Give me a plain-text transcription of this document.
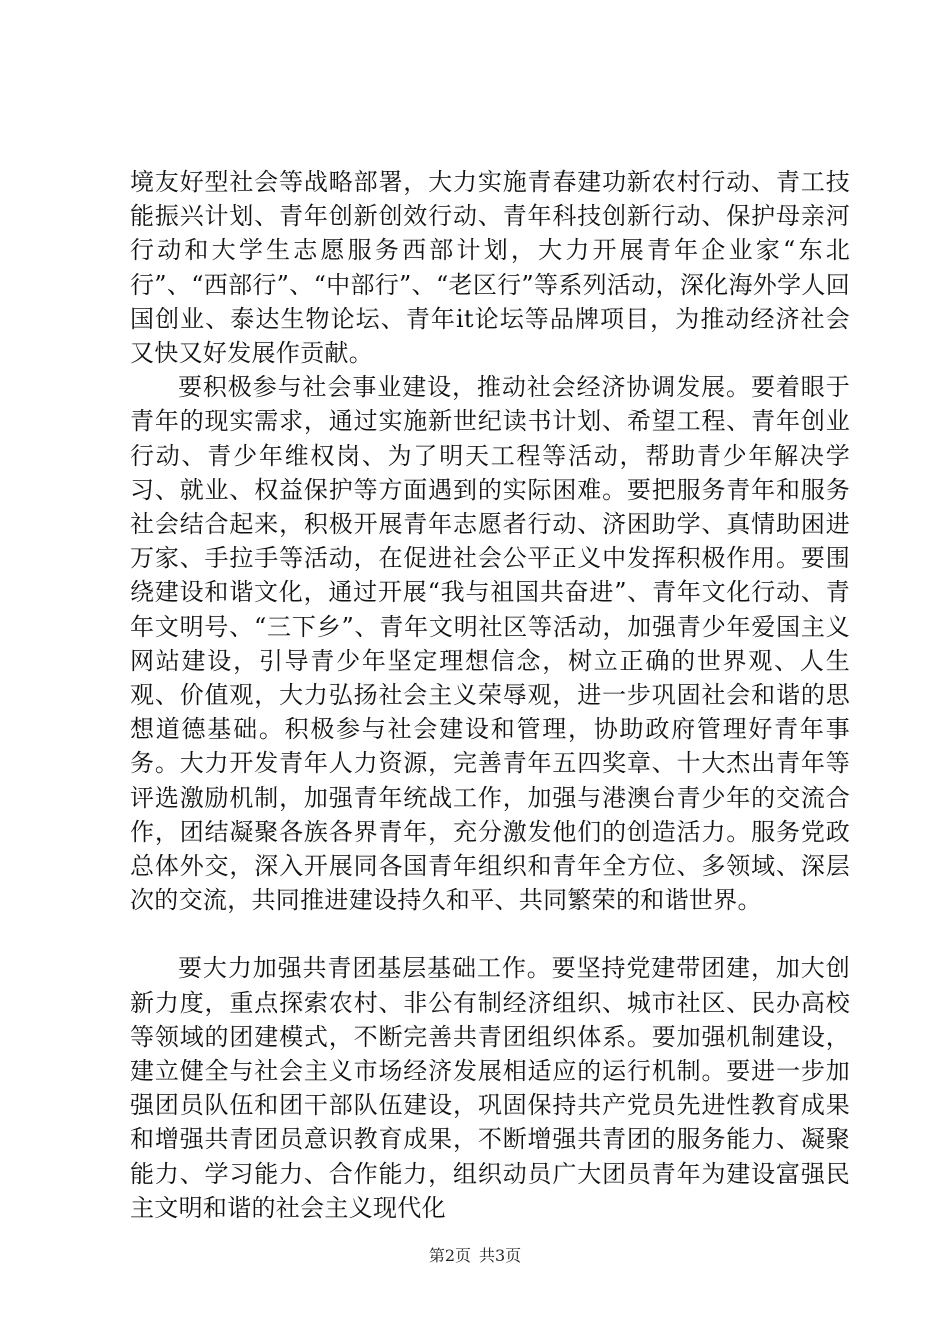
境友好型社会等战略部署，大力实施青春建功新农村行动、青工技能振兴计划、青年创新创效行动、青年科技创新行动、保护母亲河行动和大学生志愿服务西部计划，大力开展青年企业家“东北行”、“西部行”、“中部行”、“老区行”等系列活动，深化海外学人回国创业、泰达生物论坛、青年it论坛等品牌项目，为推动经济社会又快又好发展作贡献。

要积极参与社会事业建设，推动社会经济协调发展。要着眼于青年的现实需求，通过实施新世纪读书计划、希望工程、青年创业行动、青少年维权岗、为了明天工程等活动，帮助青少年解决学习、就业、权益保护等方面遇到的实际困难。要把服务青年和服务社会结合起来，积极开展青年志愿者行动、济困助学、真情助困进万家、手拉手等活动，在促进社会公平正义中发挥积极作用。要围绕建设和谐文化，通过开展“我与祖国共奋进”、青年文化行动、青年文明号、“三下乡”、青年文明社区等活动，加强青少年爱国主义网站建设，引导青少年坚定理想信念，树立正确的世界观、人生观、价值观，大力弘扬社会主义荣辱观，进一步巩固社会和谐的思想道德基础。积极参与社会建设和管理，协助政府管理好青年事务。大力开发青年人力资源，完善青年五四奖章、十大杰出青年等评选激励机制，加强青年统战工作，加强与港澳台青少年的交流合作，团结凝聚各族各界青年，充分激发他们的创造活力。服务党政总体外交，深入开展同各国青年组织和青年全方位、多领域、深层次的交流，共同推进建设持久和平、共同繁荣的和谐世界。

要大力加强共青团基层基础工作。要坚持党建带团建，加大创新力度，重点探索农村、非公有制经济组织、城市社区、民办高校等领域的团建模式，不断完善共青团组织体系。要加强机制建设，建立健全与社会主义市场经济发展相适应的运行机制。要进一步加强团员队伍和团干部队伍建设，巩固保持共产党员先进性教育成果和增强共青团员意识教育成果，不断增强共青团的服务能力、凝聚能力、学习能力、合作能力，组织动员广大团员青年为建设富强民主文明和谐的社会主义现代化

第2页 共3页
